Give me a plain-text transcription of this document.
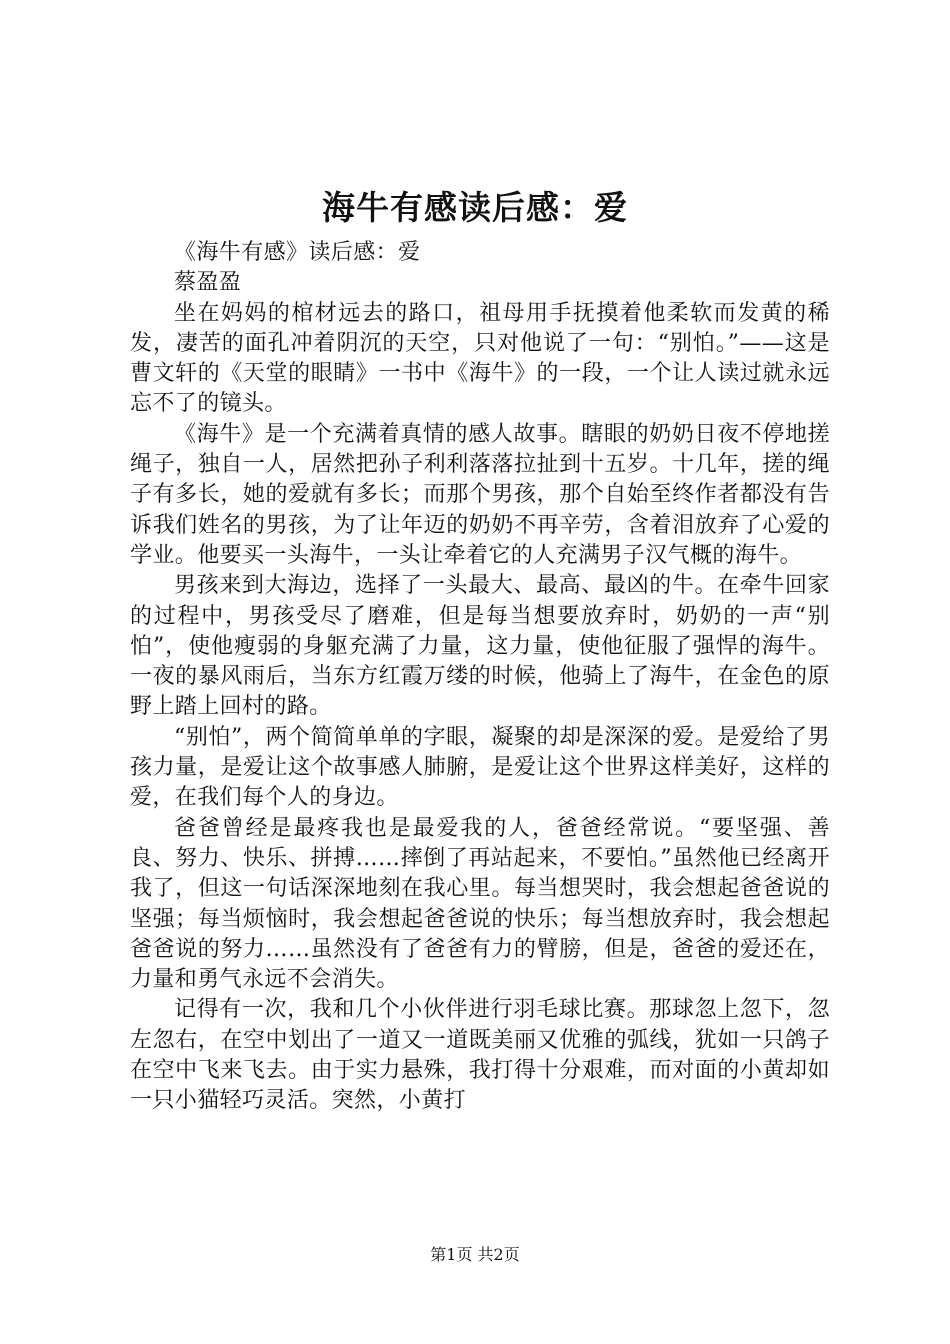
海牛有感读后感：爱

《海牛有感》读后感：爱

蔡盈盈

坐在妈妈的棺材远去的路口，祖母用手抚摸着他柔软而发黄的稀发，凄苦的面孔冲着阴沉的天空，只对他说了一句：“别怕。”——这是曹文轩的《天堂的眼睛》一书中《海牛》的一段，一个让人读过就永远忘不了的镜头。

《海牛》是一个充满着真情的感人故事。瞎眼的奶奶日夜不停地搓绳子，独自一人，居然把孙子利利落落拉扯到十五岁。十几年，搓的绳子有多长，她的爱就有多长；而那个男孩，那个自始至终作者都没有告诉我们姓名的男孩，为了让年迈的奶奶不再辛劳，含着泪放弃了心爱的学业。他要买一头海牛，一头让牵着它的人充满男子汉气概的海牛。

男孩来到大海边，选择了一头最大、最高、最凶的牛。在牵牛回家的过程中，男孩受尽了磨难，但是每当想要放弃时，奶奶的一声“别怕”，使他瘦弱的身躯充满了力量，这力量，使他征服了强悍的海牛。一夜的暴风雨后，当东方红霞万缕的时候，他骑上了海牛，在金色的原野上踏上回村的路。

“别怕”，两个简简单单的字眼，凝聚的却是深深的爱。是爱给了男孩力量，是爱让这个故事感人肺腑，是爱让这个世界这样美好，这样的爱，在我们每个人的身边。

爸爸曾经是最疼我也是最爱我的人，爸爸经常说。“要坚强、善良、努力、快乐、拼搏……摔倒了再站起来，不要怕。”虽然他已经离开我了，但这一句话深深地刻在我心里。每当想哭时，我会想起爸爸说的坚强；每当烦恼时，我会想起爸爸说的快乐；每当想放弃时，我会想起爸爸说的努力……虽然没有了爸爸有力的臂膀，但是，爸爸的爱还在，力量和勇气永远不会消失。

记得有一次，我和几个小伙伴进行羽毛球比赛。那球忽上忽下，忽左忽右，在空中划出了一道又一道既美丽又优雅的弧线，犹如一只鸽子在空中飞来飞去。由于实力悬殊，我打得十分艰难，而对面的小黄却如一只小猫轻巧灵活。突然，小黄打

第1页 共2页
